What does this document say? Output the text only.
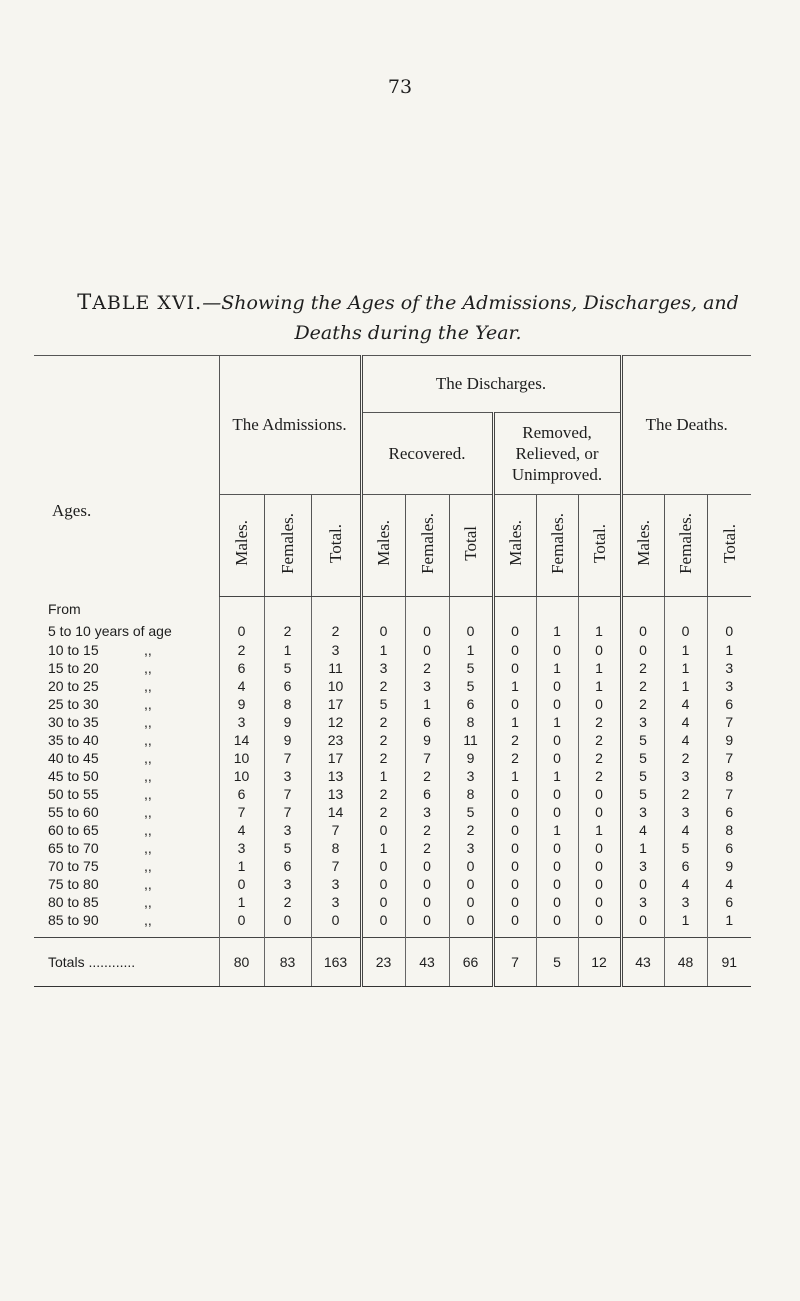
73
TABLE XVI.—Showing the Ages of the Admissions, Discharges, and
Deaths during the Year.
Ages.	The Admissions.			The Discharges.						The Deaths.		
				Recovered.			Removed, Relieved, or Unimproved.					
	Males.	Females.	Total.	Males.	Females.	Total	Males.	Females.	Total.	Males.	Females.	Total.
From												
5 to 10 years of age	0	2	2	0	0	0	0	1	1	0	0	0
10 to 15 ,,	2	1	3	1	0	1	0	0	0	0	1	1
15 to 20 ,,	6	5	11	3	2	5	0	1	1	2	1	3
20 to 25 ,,	4	6	10	2	3	5	1	0	1	2	1	3
25 to 30 ,,	9	8	17	5	1	6	0	0	0	2	4	6
30 to 35 ,,	3	9	12	2	6	8	1	1	2	3	4	7
35 to 40 ,,	14	9	23	2	9	11	2	0	2	5	4	9
40 to 45 ,,	10	7	17	2	7	9	2	0	2	5	2	7
45 to 50 ,,	10	3	13	1	2	3	1	1	2	5	3	8
50 to 55 ,,	6	7	13	2	6	8	0	0	0	5	2	7
55 to 60 ,,	7	7	14	2	3	5	0	0	0	3	3	6
60 to 65 ,,	4	3	7	0	2	2	0	1	1	4	4	8
65 to 70 ,,	3	5	8	1	2	3	0	0	0	1	5	6
70 to 75 ,,	1	6	7	0	0	0	0	0	0	3	6	9
75 to 80 ,,	0	3	3	0	0	0	0	0	0	0	4	4
80 to 85 ,,	1	2	3	0	0	0	0	0	0	3	3	6
85 to 90 ,,	0	0	0	0	0	0	0	0	0	0	1	1
Totals ............	80	83	163	23	43	66	7	5	12	43	48	91
